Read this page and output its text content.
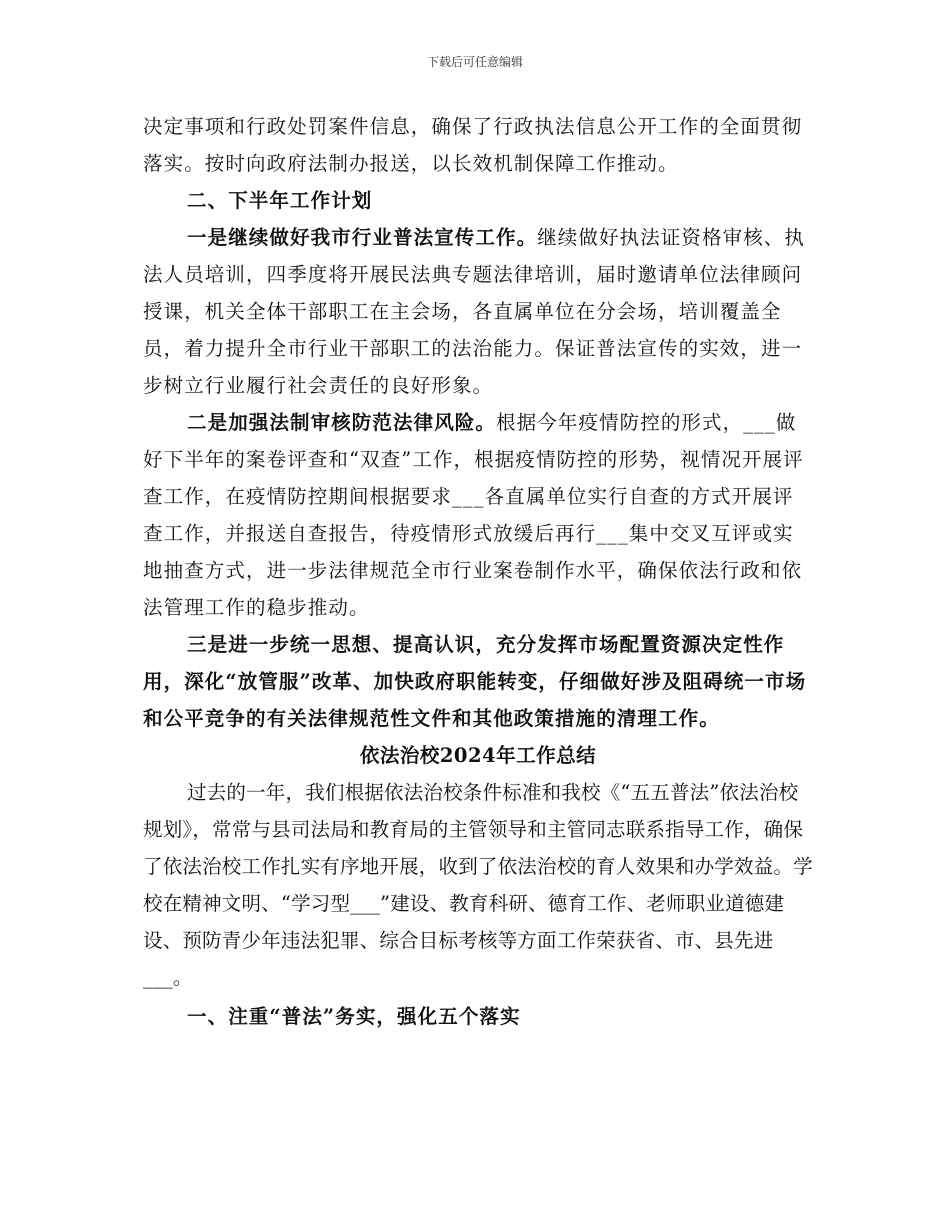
下载后可任意编辑

决定事项和行政处罚案件信息，确保了行政执法信息公开工作的全面贯彻落实。按时向政府法制办报送，以长效机制保障工作推动。

二、下半年工作计划

一是继续做好我市行业普法宣传工作。继续做好执法证资格审核、执法人员培训，四季度将开展民法典专题法律培训，届时邀请单位法律顾问授课，机关全体干部职工在主会场，各直属单位在分会场，培训覆盖全员，着力提升全市行业干部职工的法治能力。保证普法宣传的实效，进一步树立行业履行社会责任的良好形象。

二是加强法制审核防范法律风险。根据今年疫情防控的形式，___做好下半年的案卷评查和“双查”工作，根据疫情防控的形势，视情况开展评查工作，在疫情防控期间根据要求___各直属单位实行自查的方式开展评查工作，并报送自查报告，待疫情形式放缓后再行___集中交叉互评或实地抽查方式，进一步法律规范全市行业案卷制作水平，确保依法行政和依法管理工作的稳步推动。

三是进一步统一思想、提高认识，充分发挥市场配置资源决定性作用，深化“放管服”改革、加快政府职能转变，仔细做好涉及阻碍统一市场和公平竞争的有关法律规范性文件和其他政策措施的清理工作。

依法治校2024年工作总结

过去的一年，我们根据依法治校条件标准和我校《“五五普法”依法治校规划》，常常与县司法局和教育局的主管领导和主管同志联系指导工作，确保了依法治校工作扎实有序地开展，收到了依法治校的育人效果和办学效益。学校在精神文明、“学习型___”建设、教育科研、德育工作、老师职业道德建设、预防青少年违法犯罪、综合目标考核等方面工作荣获省、市、县先进___。

一、注重“普法”务实，强化五个落实
